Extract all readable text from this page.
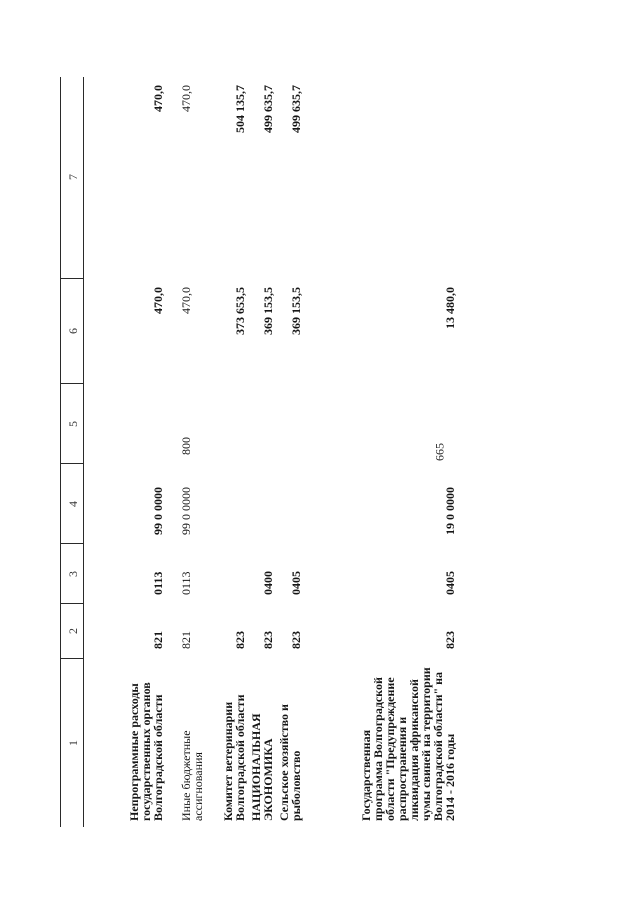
665
1
2
3
4
5
6
7
Непрограммные расходы
государственных органов
Волгоградской области
821
0113
99 0 0000
470,0
470,0
Иные бюджетные
ассигнования
821
0113
99 0 0000
800
470,0
470,0
Комитет ветеринарии
Волгоградской области
823
373 653,5
504 135,7
НАЦИОНАЛЬНАЯ
ЭКОНОМИКА
823
0400
369 153,5
499 635,7
Сельское хозяйство и
рыболовство
823
0405
369 153,5
499 635,7
Государственная
программа Волгоградской
области "Предупреждение
распространения и
ликвидация африканской
чумы свиней на территории
Волгоградской области" на
2014 - 2016 годы
823
0405
19 0 0000
13 480,0
